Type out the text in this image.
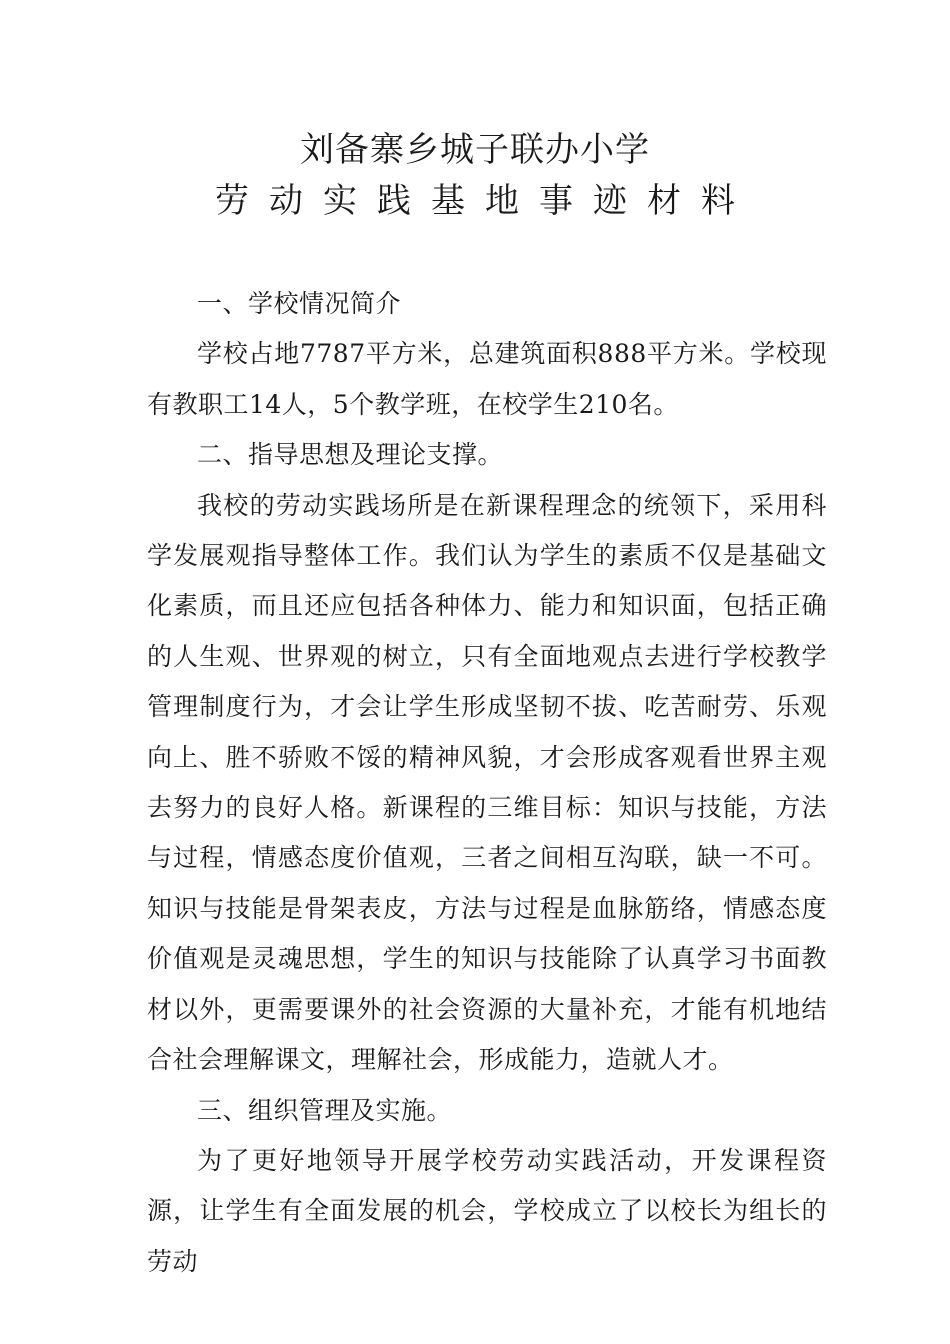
刘备寨乡城子联办小学
劳动实践基地事迹材料

一、学校情况简介

学校占地7787平方米，总建筑面积888平方米。学校现有教职工14人，5个教学班，在校学生210名。

二、指导思想及理论支撑。

我校的劳动实践场所是在新课程理念的统领下，采用科学发展观指导整体工作。我们认为学生的素质不仅是基础文化素质，而且还应包括各种体力、能力和知识面，包括正确的人生观、世界观的树立，只有全面地观点去进行学校教学管理制度行为，才会让学生形成坚韧不拔、吃苦耐劳、乐观向上、胜不骄败不馁的精神风貌，才会形成客观看世界主观去努力的良好人格。新课程的三维目标：知识与技能，方法与过程，情感态度价值观，三者之间相互沟联，缺一不可。知识与技能是骨架表皮，方法与过程是血脉筋络，情感态度价值观是灵魂思想，学生的知识与技能除了认真学习书面教材以外，更需要课外的社会资源的大量补充，才能有机地结合社会理解课文，理解社会，形成能力，造就人才。

三、组织管理及实施。

为了更好地领导开展学校劳动实践活动，开发课程资源，让学生有全面发展的机会，学校成立了以校长为组长的劳动
